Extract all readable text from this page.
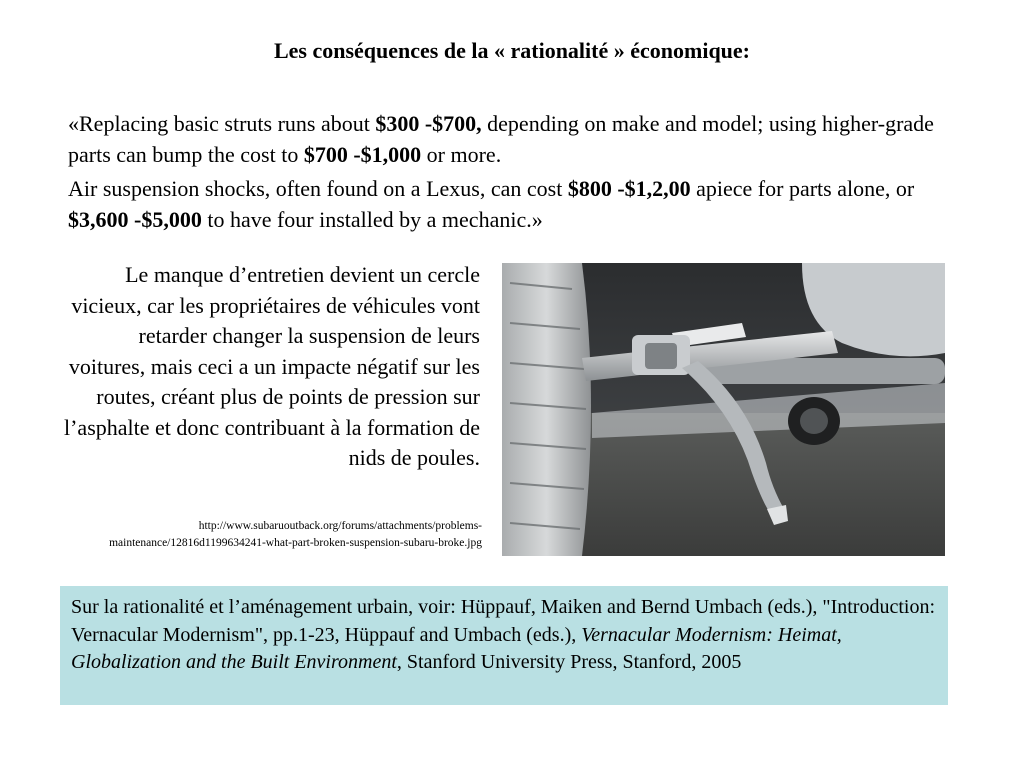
Les conséquences de la « rationalité » économique:

«Replacing basic struts runs about $300 -$700, depending on make and model; using higher-grade parts can bump the cost to $700 -$1,000 or more.

Air suspension shocks, often found on a Lexus, can cost $800 -$1,2,00 apiece for parts alone, or $3,600 -$5,000 to have four installed by a mechanic.»

Le manque d’entretien devient un cercle vicieux, car les propriétaires de véhicules vont retarder changer la suspension de leurs voitures, mais ceci a un impacte négatif sur les routes, créant plus de points de pression sur l’asphalte et donc contribuant à la formation de nids de poules.
http://www.subaruoutback.org/forums/attachments/problems-
maintenance/12816d1199634241-what-part-broken-suspension-subaru-broke.jpg
Sur la rationalité et l’aménagement urbain, voir: Hüppauf, Maiken and Bernd Umbach (eds.), "Introduction: Vernacular Modernism", pp.1-23, Hüppauf and Umbach (eds.), Vernacular Modernism: Heimat, Globalization and the Built Environment, Stanford University Press, Stanford, 2005
